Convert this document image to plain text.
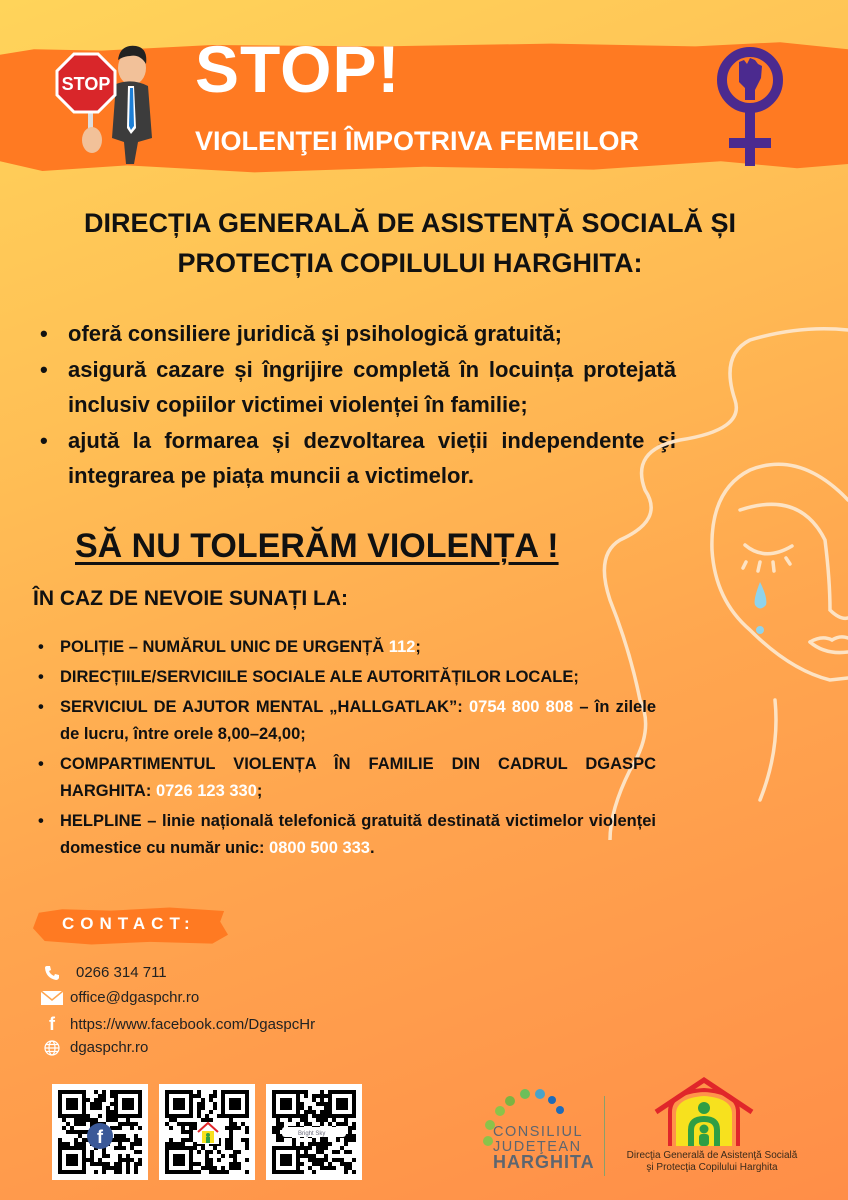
STOP STOP!
VIOLENŢEI ÎMPOTRIVA FEMEILOR
DIRECȚIA GENERALĂ DE ASISTENȚĂ SOCIALĂ ȘI
PROTECȚIA COPILULUI HARGHITA:
• oferă consiliere juridică şi psihologică gratuită;
• asigură cazare și îngrijire completă în locuința protejată inclusiv copiilor victimei violenței în familie;
• ajută la formarea și dezvoltarea vieții independente şi integrarea pe piața muncii a victimelor.
SĂ NU TOLERĂM VIOLENȚA !
ÎN CAZ DE NEVOIE SUNAȚI LA:
• POLIȚIE – NUMĂRUL UNIC DE URGENȚĂ 112;
• DIRECȚIILE/SERVICIILE SOCIALE ALE AUTORITĂȚILOR LOCALE;
• SERVICIUL DE AJUTOR MENTAL „HALLGATLAK”: 0754 800 808 – în zilele de lucru, între orele 8,00–24,00;
• COMPARTIMENTUL VIOLENȚA ÎN FAMILIE DIN CADRUL DGASPC HARGHITA: 0726 123 330;
• HELPLINE – linie națională telefonică gratuită destinată victimelor violenței domestice cu număr unic: 0800 500 333.
CONTACT:
0266 314 711
office@dgaspchr.ro
f	https://www.facebook.com/DgaspcHr
dgaspchr.ro
f	Bright Sky	CONSILIUL
JUDEŢEAN
HARGHITA	Direcţia Generală de Asistenţă Socială
şi Protecţia Copilului Harghita
